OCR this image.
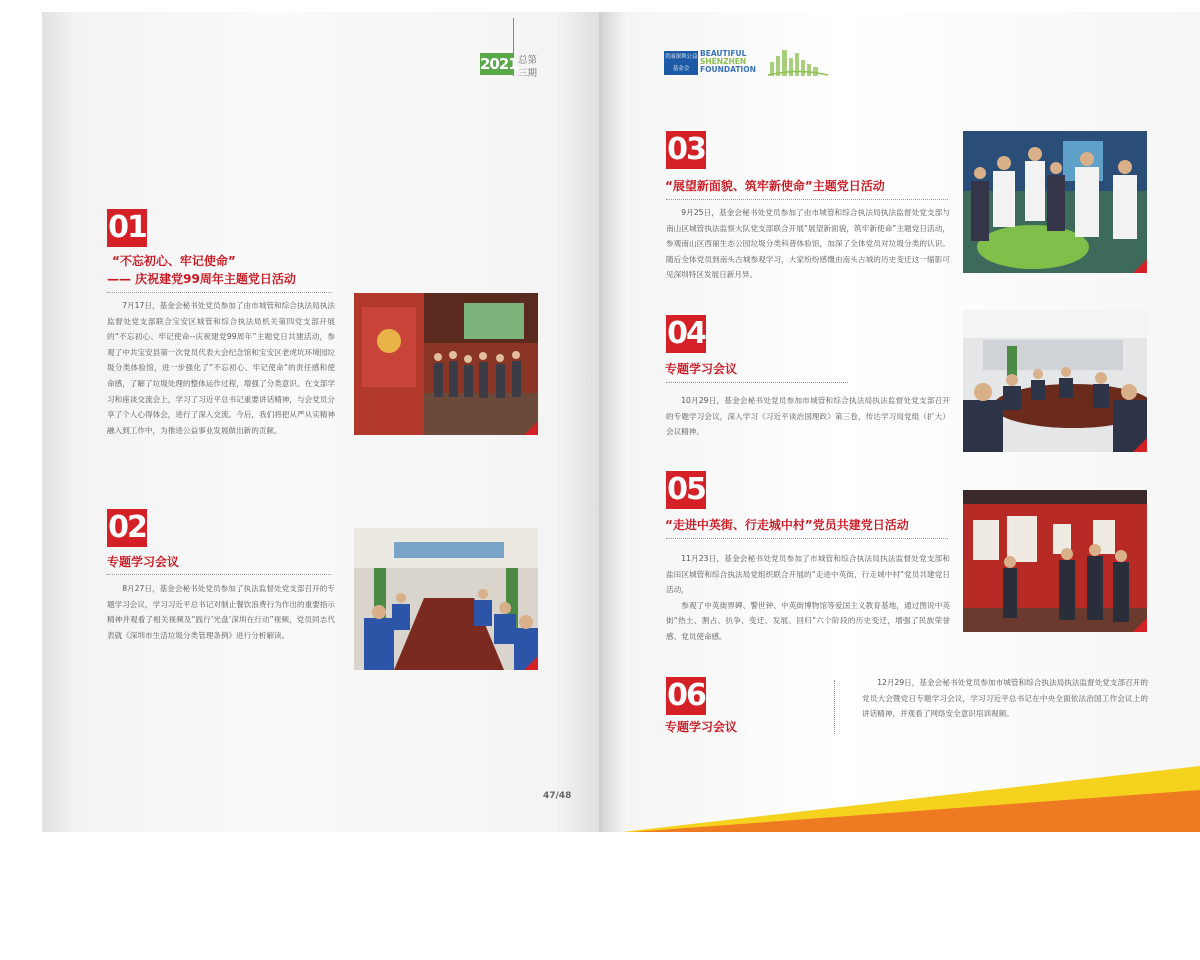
2021 总第
三期
美丽深圳公益基金会
BEAUTIFUL
SHENZHEN
FOUNDATION
01
“不忘初心、牢记使命”
—— 庆祝建党99周年主题党日活动

7月17日，基金会秘书处党员参加了由市城管和综合执法局执法监督处党支部联合宝安区城管和综合执法局机关第四党支部开展的“不忘初心、牢记使命--庆祝建党99周年”主题党日共建活动，参观了中共宝安县第一次党员代表大会纪念馆和宝安区老虎坑环境园垃圾分类体验馆，进一步强化了“不忘初心、牢记使命”的责任感和使命感，了解了垃圾处理的整体运作过程，增强了分类意识。在支部学习和座谈交流会上，学习了习近平总书记重要讲话精神，与会党员分享了个人心得体会，进行了深入交流。今后，我们将把从严从实精神融入到工作中，为推进公益事业发展做出新的贡献。

02
专题学习会议

8月27日，基金会秘书处党员参加了执法监督处党支部召开的专题学习会议，学习习近平总书记对制止餐饮浪费行为作出的重要指示精神并观看了相关视频及“践行‘光盘’深圳在行动”视频，党员同志代表就《深圳市生活垃圾分类管理条例》进行分析解读。

47/48
03
“展望新面貌、筑牢新使命”主题党日活动

9月25日，基金会秘书处党员参加了由市城管和综合执法局执法监督处党支部与南山区城管执法监察大队党支部联合开展“展望新面貌，筑牢新使命”主题党日活动，参观南山区西丽生态公园垃圾分类科普体验馆，加深了全体党员对垃圾分类的认识。随后全体党员到南头古城参观学习，大家纷纷感慨由南头古城的历史变迁这一缩影可见深圳特区发展日新月异。

04
专题学习会议

10月29日，基金会秘书处党员参加市城管和综合执法局执法监督处党支部召开的专题学习会议，深入学习《习近平谈治国理政》第三卷，传达学习局党组（扩大）会议精神。

05
“走进中英街、行走城中村”党员共建党日活动

11月23日，基金会秘书处党员参加了市城管和综合执法局执法监督处党支部和盐田区城管和综合执法局党组织联合开展的“走进中英街，行走城中村”党员共建党日活动，

参观了中英街界碑、警世钟、中英街博物馆等爱国主义教育基地，通过图说中英街“热土、割占、抗争、变迁、发展、回归”六个阶段的历史变迁，增强了民族荣誉感、党员使命感。

06
专题学习会议

12月29日，基金会秘书处党员参加市城管和综合执法局执法监督处党支部召开的党员大会暨党日专题学习会议，学习习近平总书记在中央全面依法治国工作会议上的讲话精神，并观看了网络安全意识培训视频。
